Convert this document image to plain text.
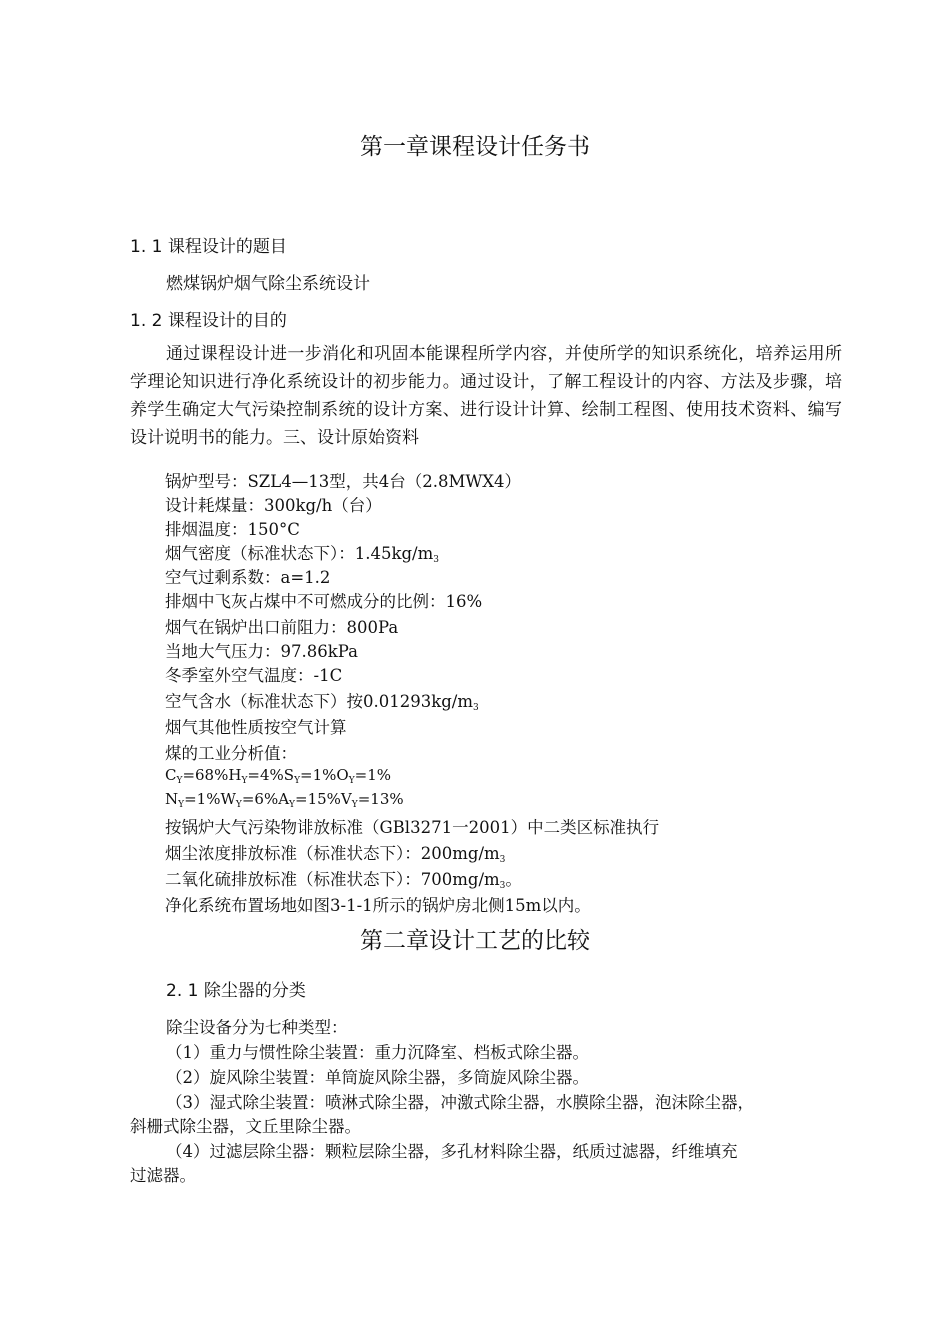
第一章课程设计任务书
1. 1 课程设计的题目
燃煤锅炉烟气除尘系统设计
1. 2 课程设计的目的
通过课程设计进一步消化和巩固本能课程所学内容，并使所学的知识系统化，培养运用所学理论知识进行净化系统设计的初步能力。通过设计，了解工程设计的内容、方法及步骤，培养学生确定大气污染控制系统的设计方案、进行设计计算、绘制工程图、使用技术资料、编写设计说明书的能力。三、设计原始资料
锅炉型号：SZL4—13型，共4台（2.8MWX4）
设计耗煤量：300kg/h（台）
排烟温度：150°C
烟气密度（标准状态下）：$1.45kg/m_3$
空气过剩系数：a=1.2
排烟中飞灰占煤中不可燃成分的比例：16%
烟气在锅炉出口前阻力：800Pa
当地大气压力：97.86kPa
冬季室外空气温度：-1C
空气含水（标准状态下）按$0.01293kg/m_3$
烟气其他性质按空气计算
煤的工业分析值：
$C_Y=68\%H_Y=4\%S_Y=1\%O_Y=1\%$
$N_Y=1\%W_Y=6\%A_Y=15\%V_Y=13\%$
按锅炉大气污染物诽放标准（GBl3271一2001）中二类区标准执行
烟尘浓度排放标准（标准状态下）：$200mg/m_3$
二氧化硫排放标准（标准状态下）：$700mg/m_3$。
净化系统布置场地如图3-1-1所示的锅炉房北侧15m以内。
第二章设计工艺的比较
2. 1 除尘器的分类
除尘设备分为七种类型：
（1）重力与惯性除尘装置：重力沉降室、档板式除尘器。
（2）旋风除尘装置：单筒旋风除尘器，多筒旋风除尘器。
（3）湿式除尘装置：喷淋式除尘器，冲激式除尘器，水膜除尘器，泡沫除尘器，
斜栅式除尘器，文丘里除尘器。
（4）过滤层除尘器：颗粒层除尘器，多孔材料除尘器，纸质过滤器，纤维填充
过滤器。
